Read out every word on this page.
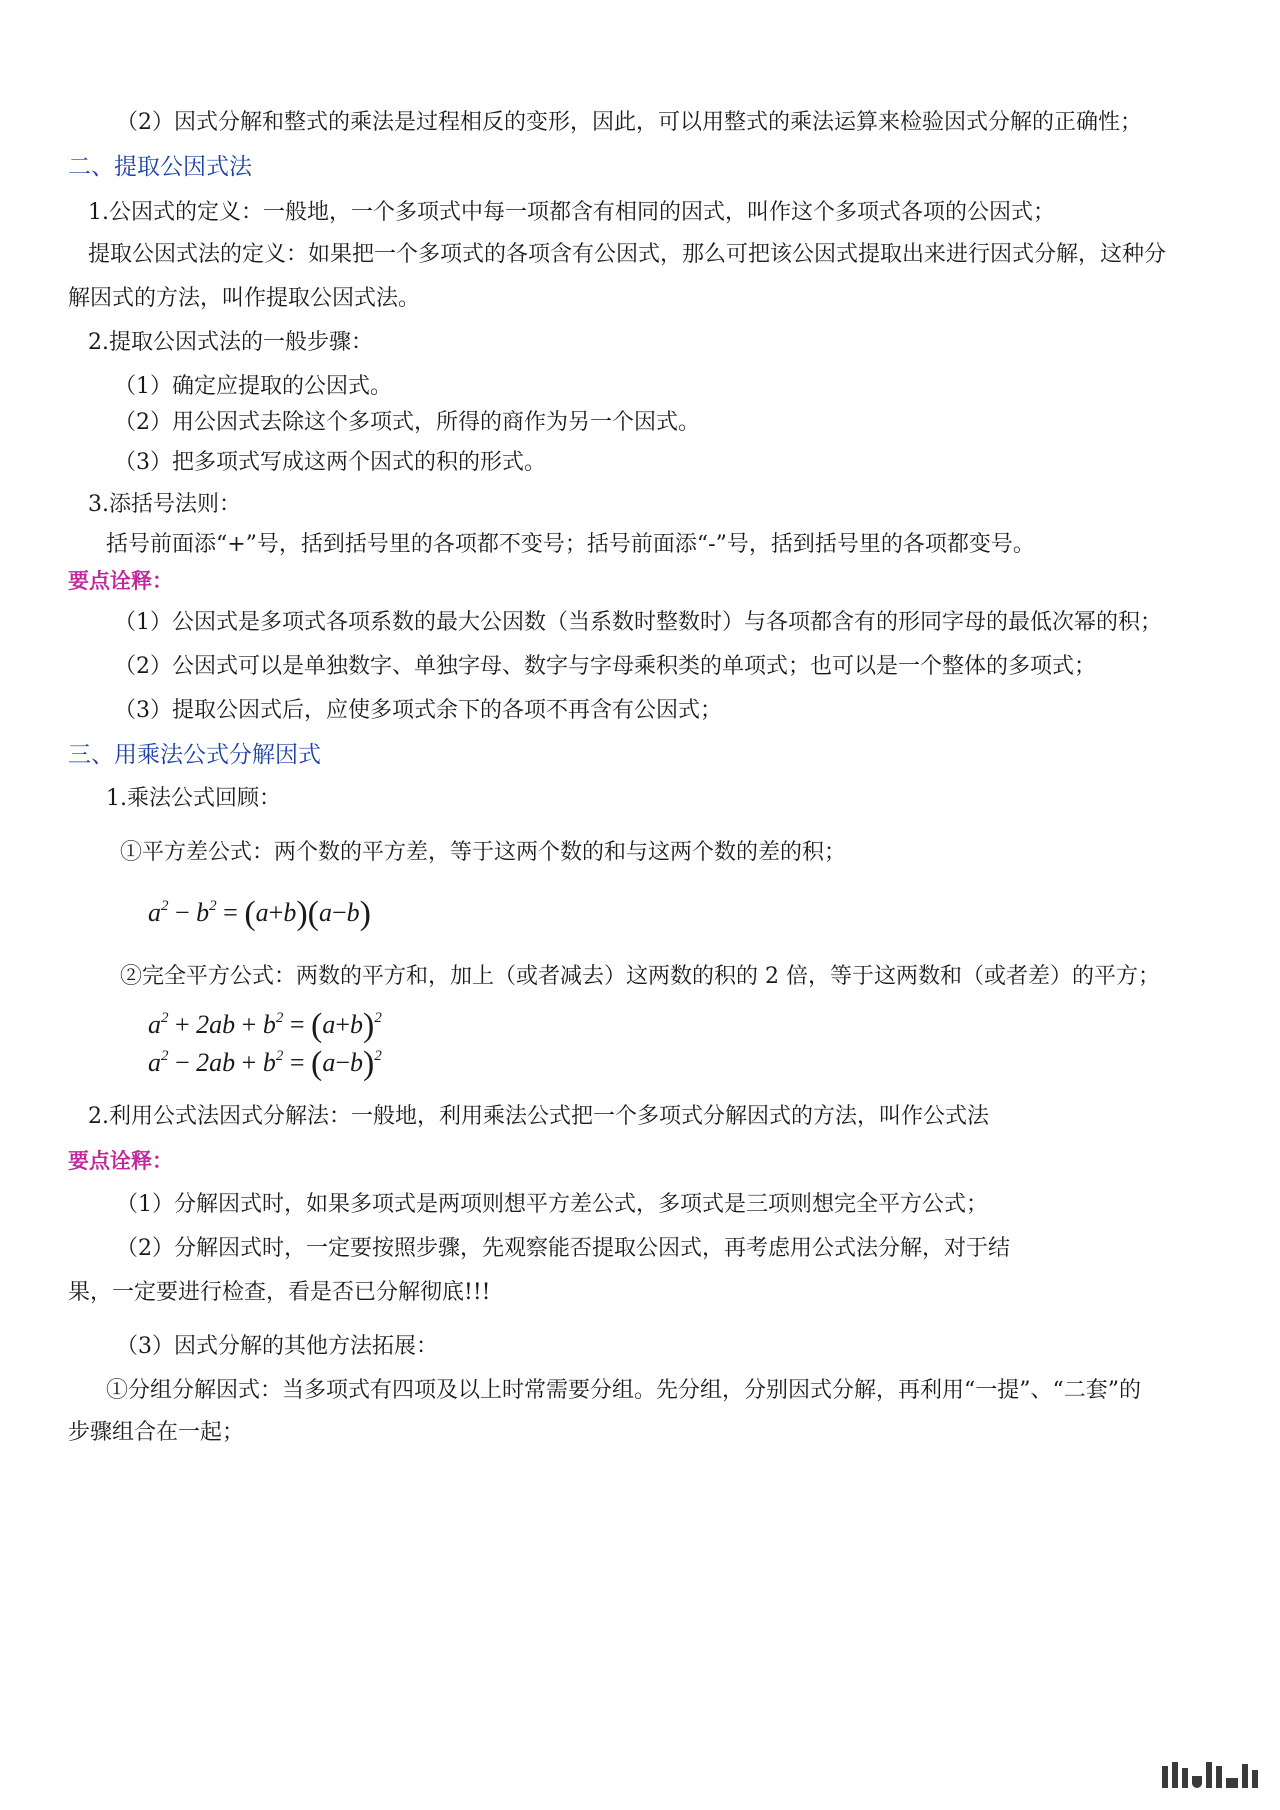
（2）因式分解和整式的乘法是过程相反的变形，因此，可以用整式的乘法运算来检验因式分解的正确性；
二、提取公因式法
1.公因式的定义：一般地，一个多项式中每一项都含有相同的因式，叫作这个多项式各项的公因式；
提取公因式法的定义：如果把一个多项式的各项含有公因式，那么可把该公因式提取出来进行因式分解，这种分
解因式的方法，叫作提取公因式法。
2.提取公因式法的一般步骤：
（1）确定应提取的公因式。
（2）用公因式去除这个多项式，所得的商作为另一个因式。
（3）把多项式写成这两个因式的积的形式。
3.添括号法则：
括号前面添“+”号，括到括号里的各项都不变号；括号前面添“-”号，括到括号里的各项都变号。
要点诠释：
（1）公因式是多项式各项系数的最大公因数（当系数时整数时）与各项都含有的形同字母的最低次幂的积；
（2）公因式可以是单独数字、单独字母、数字与字母乘积类的单项式；也可以是一个整体的多项式；
（3）提取公因式后，应使多项式余下的各项不再含有公因式；
三、用乘法公式分解因式
1.乘法公式回顾：
①平方差公式：两个数的平方差，等于这两个数的和与这两个数的差的积；
$a^2 - b^2 = (a+b)(a-b)$
②完全平方公式：两数的平方和，加上（或者减去）这两数的积的 2 倍，等于这两数和（或者差）的平方；
$a^2 + 2ab + b^2 = (a+b)^2$
$a^2 - 2ab + b^2 = (a-b)^2$
2.利用公式法因式分解法：一般地，利用乘法公式把一个多项式分解因式的方法，叫作公式法
要点诠释：
（1）分解因式时，如果多项式是两项则想平方差公式，多项式是三项则想完全平方公式；
（2）分解因式时，一定要按照步骤，先观察能否提取公因式，再考虑用公式法分解，对于结
果，一定要进行检查，看是否已分解彻底!!!
（3）因式分解的其他方法拓展：
①分组分解因式：当多项式有四项及以上时常需要分组。先分组，分别因式分解，再利用“一提”、“二套”的
步骤组合在一起；
